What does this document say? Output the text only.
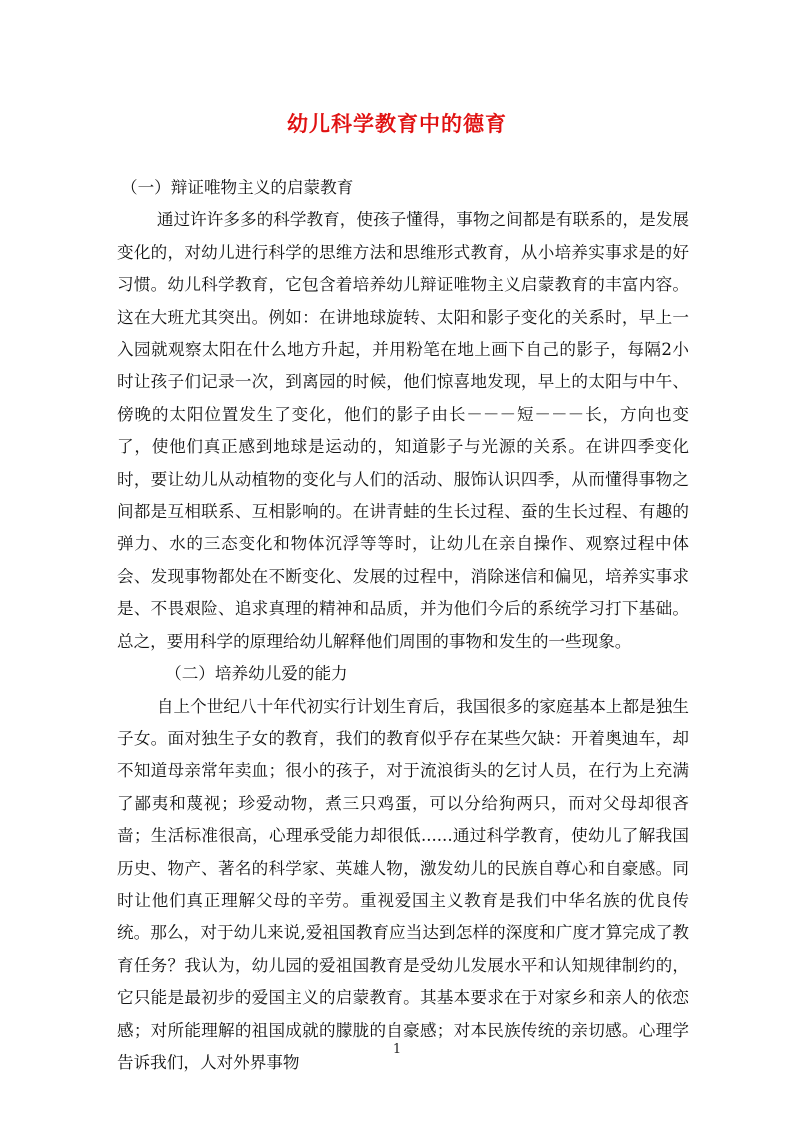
幼儿科学教育中的德育

（一）辩证唯物主义的启蒙教育

通过许许多多的科学教育，使孩子懂得，事物之间都是有联系的，是发展变化的，对幼儿进行科学的思维方法和思维形式教育，从小培养实事求是的好习惯。幼儿科学教育，它包含着培养幼儿辩证唯物主义启蒙教育的丰富内容。这在大班尤其突出。例如：在讲地球旋转、太阳和影子变化的关系时，早上一入园就观察太阳在什么地方升起，并用粉笔在地上画下自己的影子，每隔2小时让孩子们记录一次，到离园的时候，他们惊喜地发现，早上的太阳与中午、傍晚的太阳位置发生了变化，他们的影子由长－－－短－－－长，方向也变了，使他们真正感到地球是运动的，知道影子与光源的关系。在讲四季变化时，要让幼儿从动植物的变化与人们的活动、服饰认识四季，从而懂得事物之间都是互相联系、互相影响的。在讲青蛙的生长过程、蚕的生长过程、有趣的弹力、水的三态变化和物体沉浮等等时，让幼儿在亲自操作、观察过程中体会、发现事物都处在不断变化、发展的过程中，消除迷信和偏见，培养实事求是、不畏艰险、追求真理的精神和品质，并为他们今后的系统学习打下基础。总之，要用科学的原理给幼儿解释他们周围的事物和发生的一些现象。

（二）培养幼儿爱的能力

自上个世纪八十年代初实行计划生育后，我国很多的家庭基本上都是独生子女。面对独生子女的教育，我们的教育似乎存在某些欠缺：开着奥迪车，却不知道母亲常年卖血；很小的孩子，对于流浪街头的乞讨人员，在行为上充满了鄙夷和蔑视；珍爱动物，煮三只鸡蛋，可以分给狗两只，而对父母却很吝啬；生活标准很高，心理承受能力却很低......通过科学教育，使幼儿了解我国历史、物产、著名的科学家、英雄人物，激发幼儿的民族自尊心和自豪感。同时让他们真正理解父母的辛劳。重视爱国主义教育是我们中华名族的优良传统。那么，对于幼儿来说,爱祖国教育应当达到怎样的深度和广度才算完成了教育任务？我认为，幼儿园的爱祖国教育是受幼儿发展水平和认知规律制约的，它只能是最初步的爱国主义的启蒙教育。其基本要求在于对家乡和亲人的依恋感；对所能理解的祖国成就的朦胧的自豪感；对本民族传统的亲切感。心理学告诉我们，人对外界事物

1
